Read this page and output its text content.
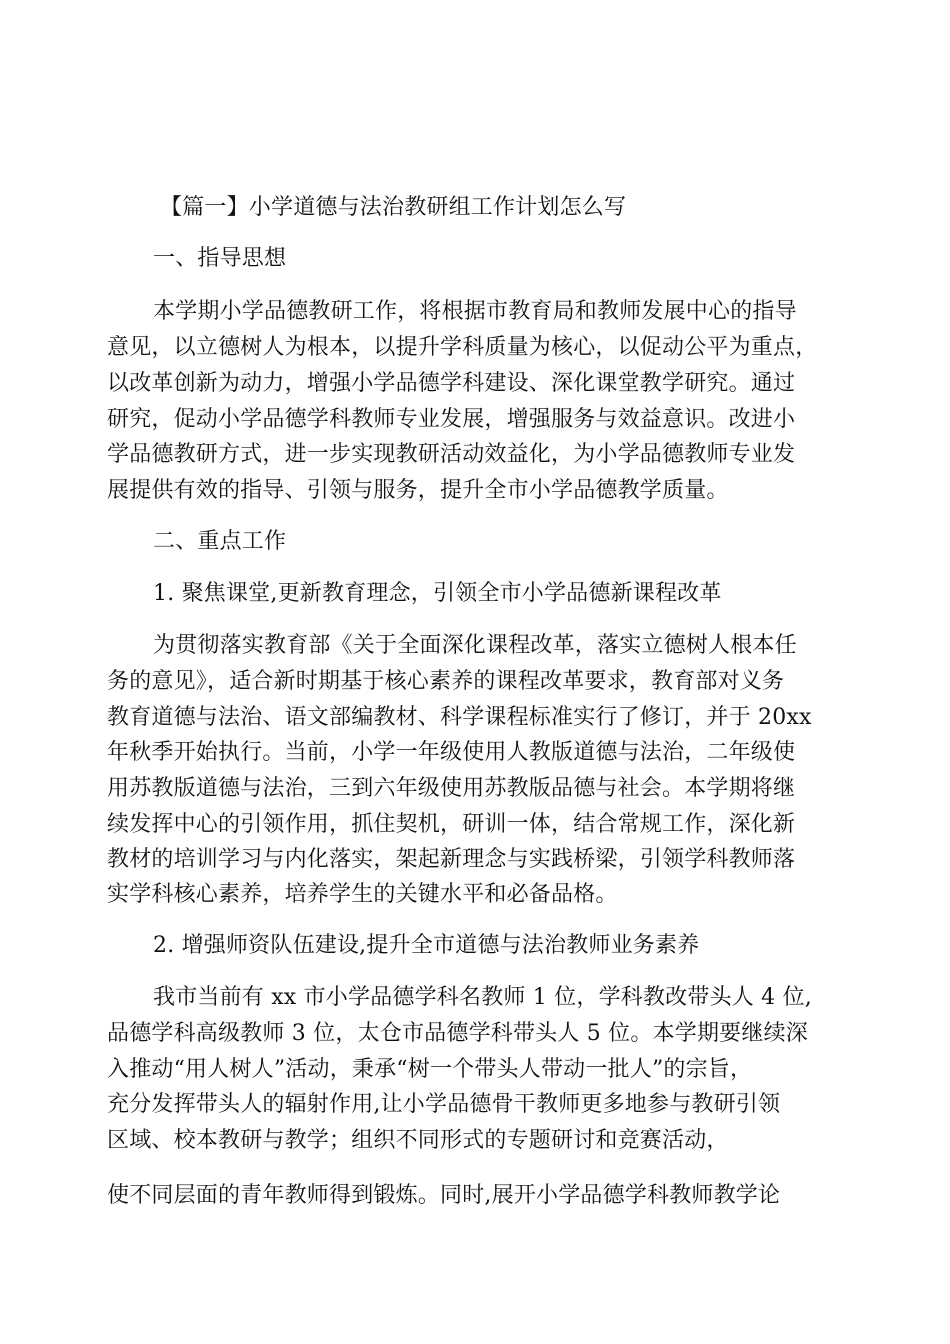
【篇一】小学道德与法治教研组工作计划怎么写
一、指导思想
本学期小学品德教研工作，将根据市教育局和教师发展中心的指导
意见，以立德树人为根本，以提升学科质量为核心，以促动公平为重点，
以改革创新为动力，增强小学品德学科建设、深化课堂教学研究。通过
研究，促动小学品德学科教师专业发展，增强服务与效益意识。改进小
学品德教研方式，进一步实现教研活动效益化，为小学品德教师专业发
展提供有效的指导、引领与服务，提升全市小学品德教学质量。
二、重点工作
1. 聚焦课堂,更新教育理念，引领全市小学品德新课程改革
为贯彻落实教育部《关于全面深化课程改革，落实立德树人根本任
务的意见》，适合新时期基于核心素养的课程改革要求，教育部对义务
教育道德与法治、语文部编教材、科学课程标准实行了修订，并于 20xx
年秋季开始执行。当前，小学一年级使用人教版道德与法治，二年级使
用苏教版道德与法治，三到六年级使用苏教版品德与社会。本学期将继
续发挥中心的引领作用，抓住契机，研训一体，结合常规工作，深化新
教材的培训学习与内化落实，架起新理念与实践桥梁，引领学科教师落
实学科核心素养，培养学生的关键水平和必备品格。
2. 增强师资队伍建设,提升全市道德与法治教师业务素养
我市当前有 xx 市小学品德学科名教师 1 位，学科教改带头人 4 位,
品德学科高级教师 3 位，太仓市品德学科带头人 5 位。本学期要继续深
入推动“用人树人”活动，秉承“树一个带头人带动一批人”的宗旨，
充分发挥带头人的辐射作用,让小学品德骨干教师更多地参与教研引领
区域、校本教研与教学；组织不同形式的专题研讨和竞赛活动，
使不同层面的青年教师得到锻炼。同时,展开小学品德学科教师教学论
